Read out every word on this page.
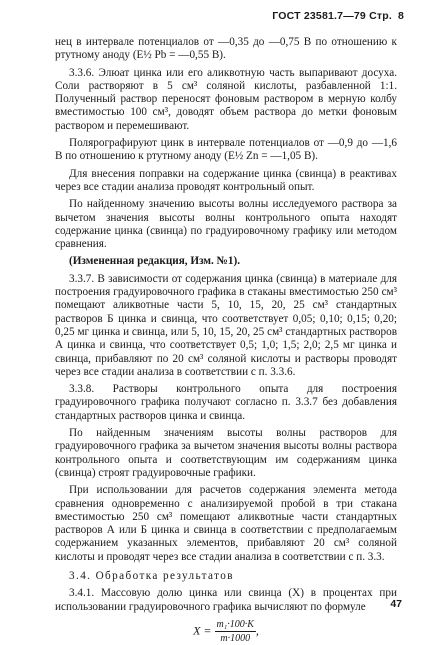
ГОСТ 23581.7—79 Стр. 8

нец в интервале потенциалов от —0,35 до —0,75 В по отношению к ртутному аноду (E½ Pb = —0,55 В).

3.3.6. Элюат цинка или его аликвотную часть выпаривают досуха. Соли растворяют в 5 см³ соляной кислоты, разбавленной 1:1. Полученный раствор переносят фоновым раствором в мерную колбу вместимостью 100 см³, доводят объем раствора до метки фоновым раствором и перемешивают.

Полярографируют цинк в интервале потенциалов от —0,9 до —1,6 В по отношению к ртутному аноду (E½ Zn = —1,05 В).

Для внесения поправки на содержание цинка (свинца) в реактивах через все стадии анализа проводят контрольный опыт.

По найденному значению высоты волны исследуемого раствора за вычетом значения высоты волны контрольного опыта находят содержание цинка (свинца) по градуировочному графику или методом сравнения.

(Измененная редакция, Изм. №1).

3.3.7. В зависимости от содержания цинка (свинца) в материале для построения градуировочного графика в стаканы вместимостью 250 см³ помещают аликвотные части 5, 10, 15, 20, 25 см³ стандартных растворов Б цинка и свинца, что соответствует 0,05; 0,10; 0,15; 0,20; 0,25 мг цинка и свинца, или 5, 10, 15, 20, 25 см³ стандартных растворов А цинка и свинца, что соответствует 0,5; 1,0; 1,5; 2,0; 2,5 мг цинка и свинца, прибавляют по 20 см³ соляной кислоты и растворы проводят через все стадии анализа в соответствии с п. 3.3.6.

3.3.8. Растворы контрольного опыта для построения градуировочного графика получают согласно п. 3.3.7 без добавления стандартных растворов цинка и свинца.

По найденным значениям высоты волны растворов для градуировочного графика за вычетом значения высоты волны раствора контрольного опыта и соответствующим им содержаниям цинка (свинца) строят градуировочные графики.

При использовании для расчетов содержания элемента метода сравнения одновременно с анализируемой пробой в три стакана вместимостью 250 см³ помещают аликвотные части стандартных растворов А или Б цинка и свинца в соответствии с предполагаемым содержанием указанных элементов, прибавляют 20 см³ соляной кислоты и проводят через все стадии анализа в соответствии с п. 3.3.

3.4. Обработка результатов

3.4.1. Массовую долю цинка или свинца (X) в процентах при использовании градуировочного графика вычисляют по формуле

$X = \frac{\text{m₁·100·K}}{m\cdot 1000}$ ,
47
